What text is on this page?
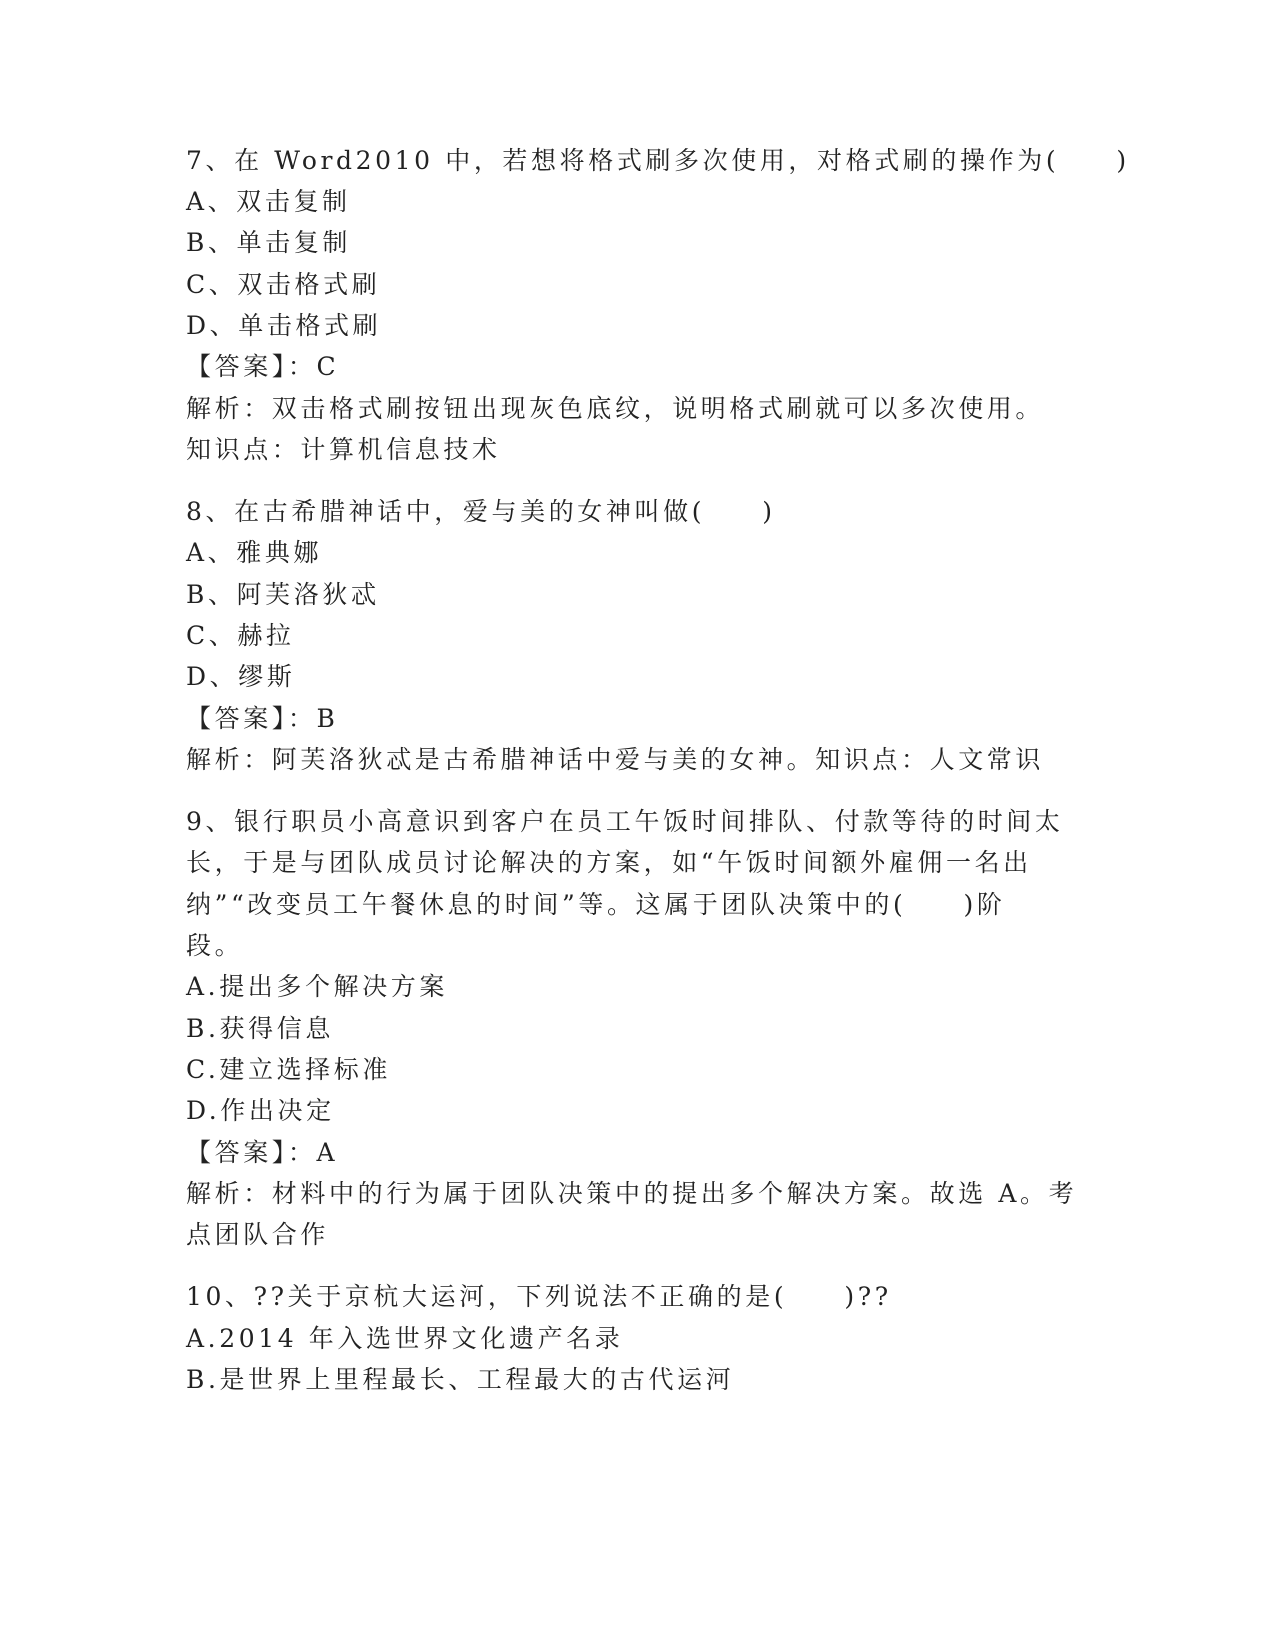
7、在 Word2010 中，若想将格式刷多次使用，对格式刷的操作为(　　)
A、双击复制
B、单击复制
C、双击格式刷
D、单击格式刷
【答案】：C
解析：双击格式刷按钮出现灰色底纹，说明格式刷就可以多次使用。
知识点：计算机信息技术
8、在古希腊神话中，爱与美的女神叫做(　　)
A、雅典娜
B、阿芙洛狄忒
C、赫拉
D、缪斯
【答案】：B
解析：阿芙洛狄忒是古希腊神话中爱与美的女神。知识点：人文常识
9、银行职员小高意识到客户在员工午饭时间排队、付款等待的时间太
长，于是与团队成员讨论解决的方案，如“午饭时间额外雇佣一名出
纳”“改变员工午餐休息的时间”等。这属于团队决策中的(　　)阶
段。
A.提出多个解决方案
B.获得信息
C.建立选择标准
D.作出决定
【答案】：A
解析：材料中的行为属于团队决策中的提出多个解决方案。故选 A。考
点团队合作
10、??关于京杭大运河，下列说法不正确的是(　　)??
A.2014 年入选世界文化遗产名录
B.是世界上里程最长、工程最大的古代运河
